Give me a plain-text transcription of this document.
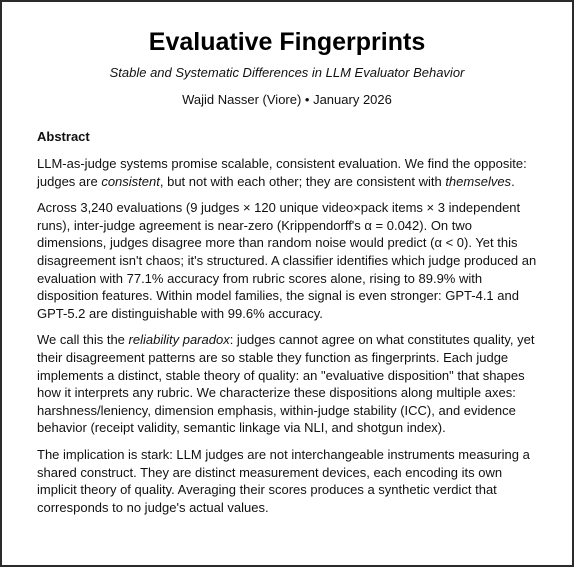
Evaluative Fingerprints

Stable and Systematic Differences in LLM Evaluator Behavior

Wajid Nasser (Viore) • January 2026

Abstract

LLM-as-judge systems promise scalable, consistent evaluation. We find the opposite: judges are consistent, but not with each other; they are consistent with themselves.

Across 3,240 evaluations (9 judges × 120 unique video×pack items × 3 independent runs), inter-judge agreement is near-zero (Krippendorff's α = 0.042). On two dimensions, judges disagree more than random noise would predict (α < 0). Yet this disagreement isn't chaos; it's structured. A classifier identifies which judge produced an evaluation with 77.1% accuracy from rubric scores alone, rising to 89.9% with disposition features. Within model families, the signal is even stronger: GPT-4.1 and GPT-5.2 are distinguishable with 99.6% accuracy.

We call this the reliability paradox: judges cannot agree on what constitutes quality, yet their disagreement patterns are so stable they function as fingerprints. Each judge implements a distinct, stable theory of quality: an "evaluative disposition" that shapes how it interprets any rubric. We characterize these dispositions along multiple axes: harshness/leniency, dimension emphasis, within-judge stability (ICC), and evidence behavior (receipt validity, semantic linkage via NLI, and shotgun index).

The implication is stark: LLM judges are not interchangeable instruments measuring a shared construct. They are distinct measurement devices, each encoding its own implicit theory of quality. Averaging their scores produces a synthetic verdict that corresponds to no judge's actual values.
